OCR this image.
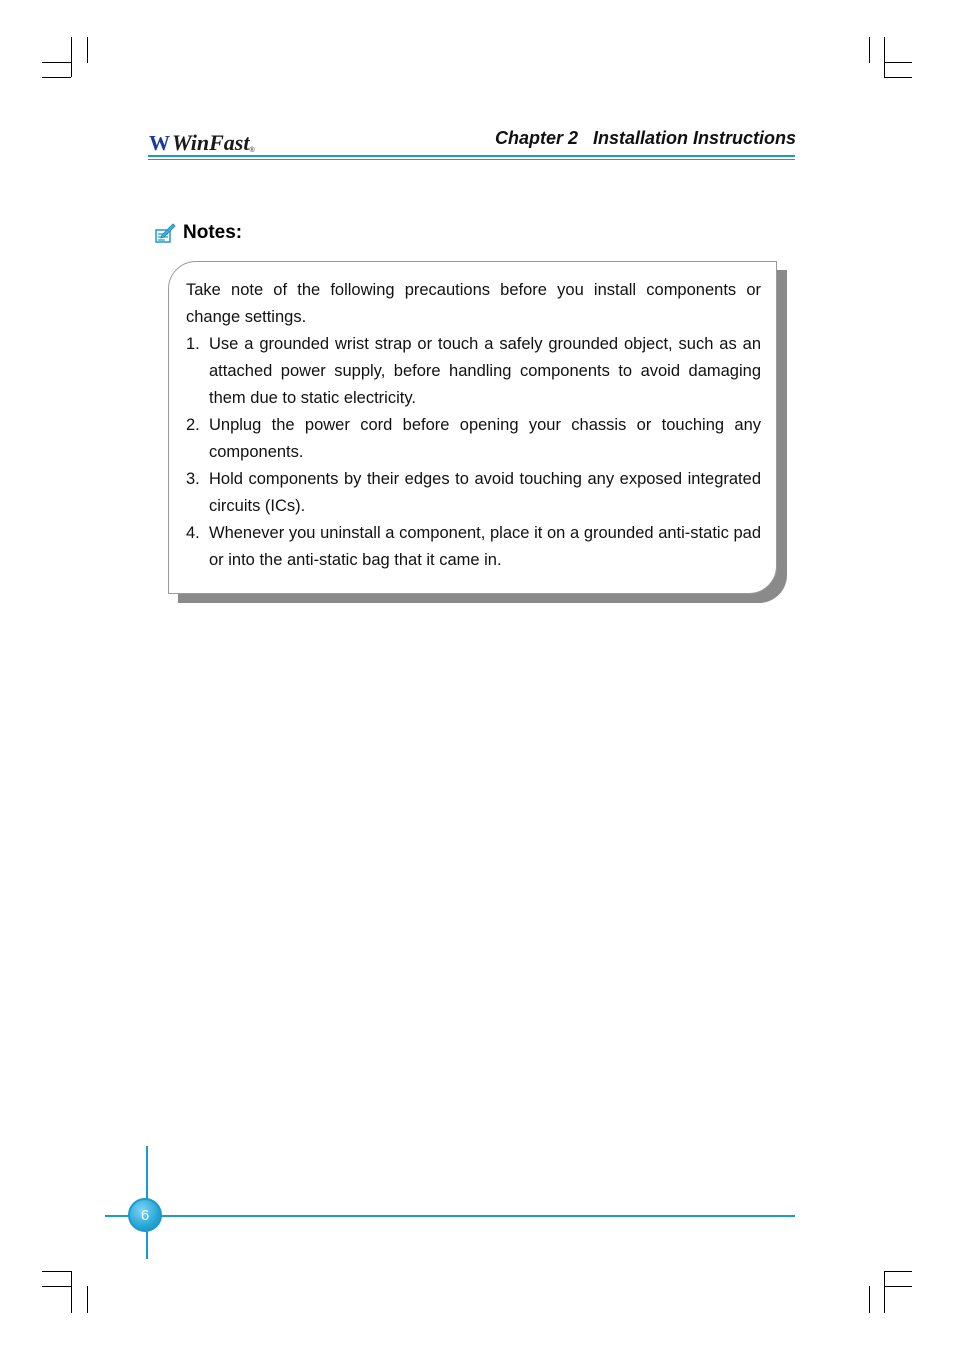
W WinFast ®
Chapter 2   Installation Instructions
Notes:

Take note of the following precautions before you install components or change settings.

1. Use a grounded wrist strap or touch a safely grounded object, such as an attached power supply, before handling components to avoid damaging them due to static electricity.
2. Unplug the power cord before opening your chassis or touching any components.
3. Hold components by their edges to avoid touching any exposed integrated circuits (ICs).
4. Whenever you uninstall a component, place it on a grounded anti-static pad or into the anti-static bag that it came in.
6
